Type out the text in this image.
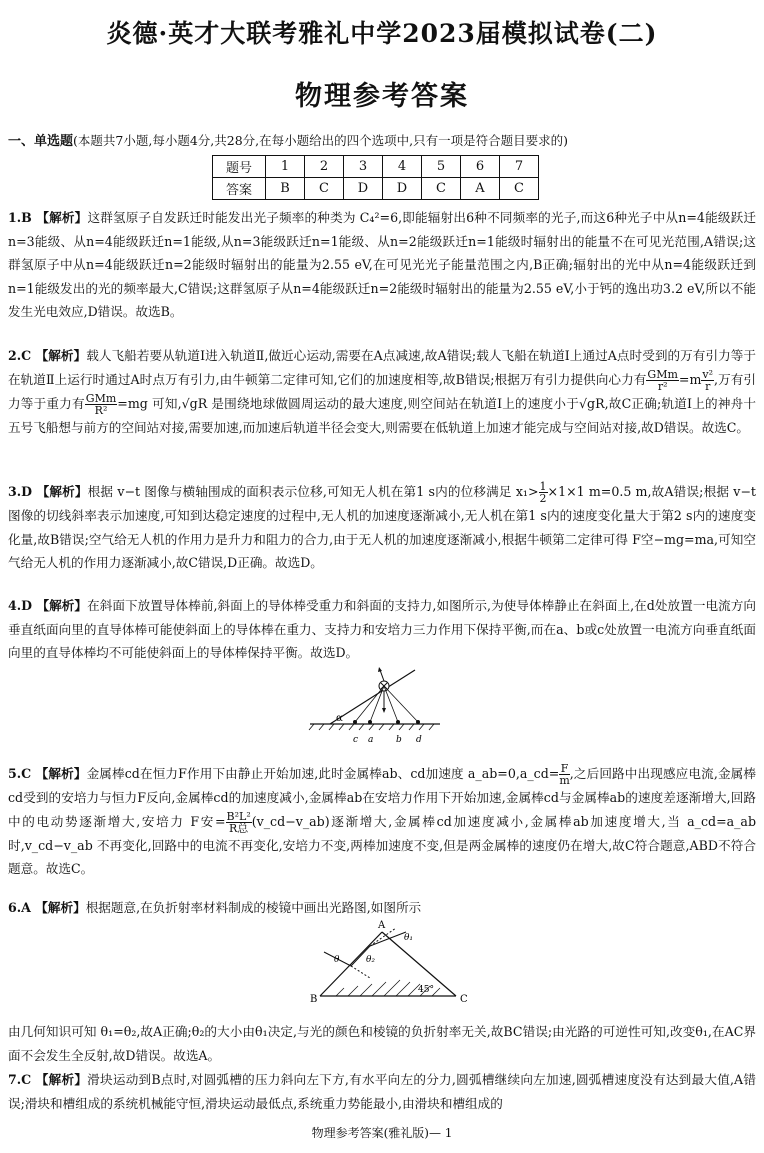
炎德·英才大联考雅礼中学2023届模拟试卷(二)
物理参考答案
一、单选题(本题共7小题,每小题4分,共28分,在每小题给出的四个选项中,只有一项是符合题目要求的)
题号	1	2	3	4	5	6	7
答案	B	C	D	D	C	A	C
1.B 【解析】这群氢原子自发跃迁时能发出光子频率的种类为 C₄²=6,即能辐射出6种不同频率的光子,而这6种光子中从n=4能级跃迁n=3能级、从n=4能级跃迁n=1能级,从n=3能级跃迁n=1能级、从n=2能级跃迁n=1能级时辐射出的能量不在可见光范围,A错误;这群氢原子中从n=4能级跃迁n=2能级时辐射出的能量为2.55 eV,在可见光光子能量范围之内,B正确;辐射出的光中从n=4能级跃迁到n=1能级发出的光的频率最大,C错误;这群氢原子从n=4能级跃迁n=2能级时辐射出的能量为2.55 eV,小于钙的逸出功3.2 eV,所以不能发生光电效应,D错误。故选B。
2.C 【解析】载人飞船若要从轨道Ⅰ进入轨道Ⅱ,做近心运动,需要在A点减速,故A错误;载人飞船在轨道Ⅰ上通过A点时受到的万有引力等于在轨道Ⅱ上运行时通过A时点万有引力,由牛顿第二定律可知,它们的加速度相等,故B错误;根据万有引力提供向心力有 $\frac{\text{GMm}}{\text{r²}} =m \frac{\text{v²}}{r}$ ,万有引力等于重力有 $\frac{\text{GMm}}{\text{R²}} =mg$ 可知,√gR 是围绕地球做圆周运动的最大速度,则空间站在轨道Ⅰ上的速度小于√gR,故C正确;轨道Ⅰ上的神舟十五号飞船想与前方的空间站对接,需要加速,而加速后轨道半径会变大,则需要在低轨道上加速才能完成与空间站对接,故D错误。故选C。
3.D 【解析】根据 v−t 图像与横轴围成的面积表示位移,可知无人机在第1 s内的位移满足 $x_1> \frac{1}{2} \times 1\times 1$ m=0.5 m,故A错误;根据 v−t 图像的切线斜率表示加速度,可知到达稳定速度的过程中,无人机的加速度逐渐减小,无人机在第1 s内的速度变化量大于第2 s内的速度变化量,故B错误;空气给无人机的作用力是升力和阻力的合力,由于无人机的加速度逐渐减小,根据牛顿第二定律可得 F空−mg=ma,可知空气给无人机的作用力逐渐减小,故C错误,D正确。故选D。
4.D 【解析】在斜面下放置导体棒前,斜面上的导体棒受重力和斜面的支持力,如图所示,为使导体棒静止在斜面上,在d处放置一电流方向垂直纸面向里的直导体棒可能使斜面上的导体棒在重力、支持力和安培力三力作用下保持平衡,而在a、b或c处放置一电流方向垂直纸面向里的直导体棒均不可能使斜面上的导体棒保持平衡。故选D。
α
c a	b d
5.C 【解析】金属棒cd在恒力F作用下由静止开始加速,此时金属棒ab、cd加速度 a_ab=0,a_cd= $\frac{F}{m}$ ,之后回路中出现感应电流,金属棒cd受到的安培力与恒力F反向,金属棒cd的加速度减小,金属棒ab在安培力作用下开始加速,金属棒cd与金属棒ab的速度差逐渐增大,回路中的电动势逐渐增大,安培力 F安= $\frac{\text{B²L²}}{\text{R总}}$ (v_cd−v_ab)逐渐增大,金属棒cd加速度减小,金属棒ab加速度增大,当 a_cd=a_ab 时,v_cd−v_ab 不再变化,回路中的电流不再变化,安培力不变,两棒加速度不变,但是两金属棒的速度仍在增大,故C符合题意,ABD不符合题意。故选C。
6.A 【解析】根据题意,在负折射率材料制成的棱镜中画出光路图,如图所示
A
B	C
θ
θ₁
θ₂
45°
由几何知识可知 θ₁=θ₂,故A正确;θ₂的大小由θ₁决定,与光的颜色和棱镜的负折射率无关,故BC错误;由光路的可逆性可知,改变θ₁,在AC界面不会发生全反射,故D错误。故选A。
7.C 【解析】滑块运动到B点时,对圆弧槽的压力斜向左下方,有水平向左的分力,圆弧槽继续向左加速,圆弧槽速度没有达到最大值,A错误;滑块和槽组成的系统机械能守恒,滑块运动最低点,系统重力势能最小,由滑块和槽组成的
物理参考答案(雅礼版)— 1
